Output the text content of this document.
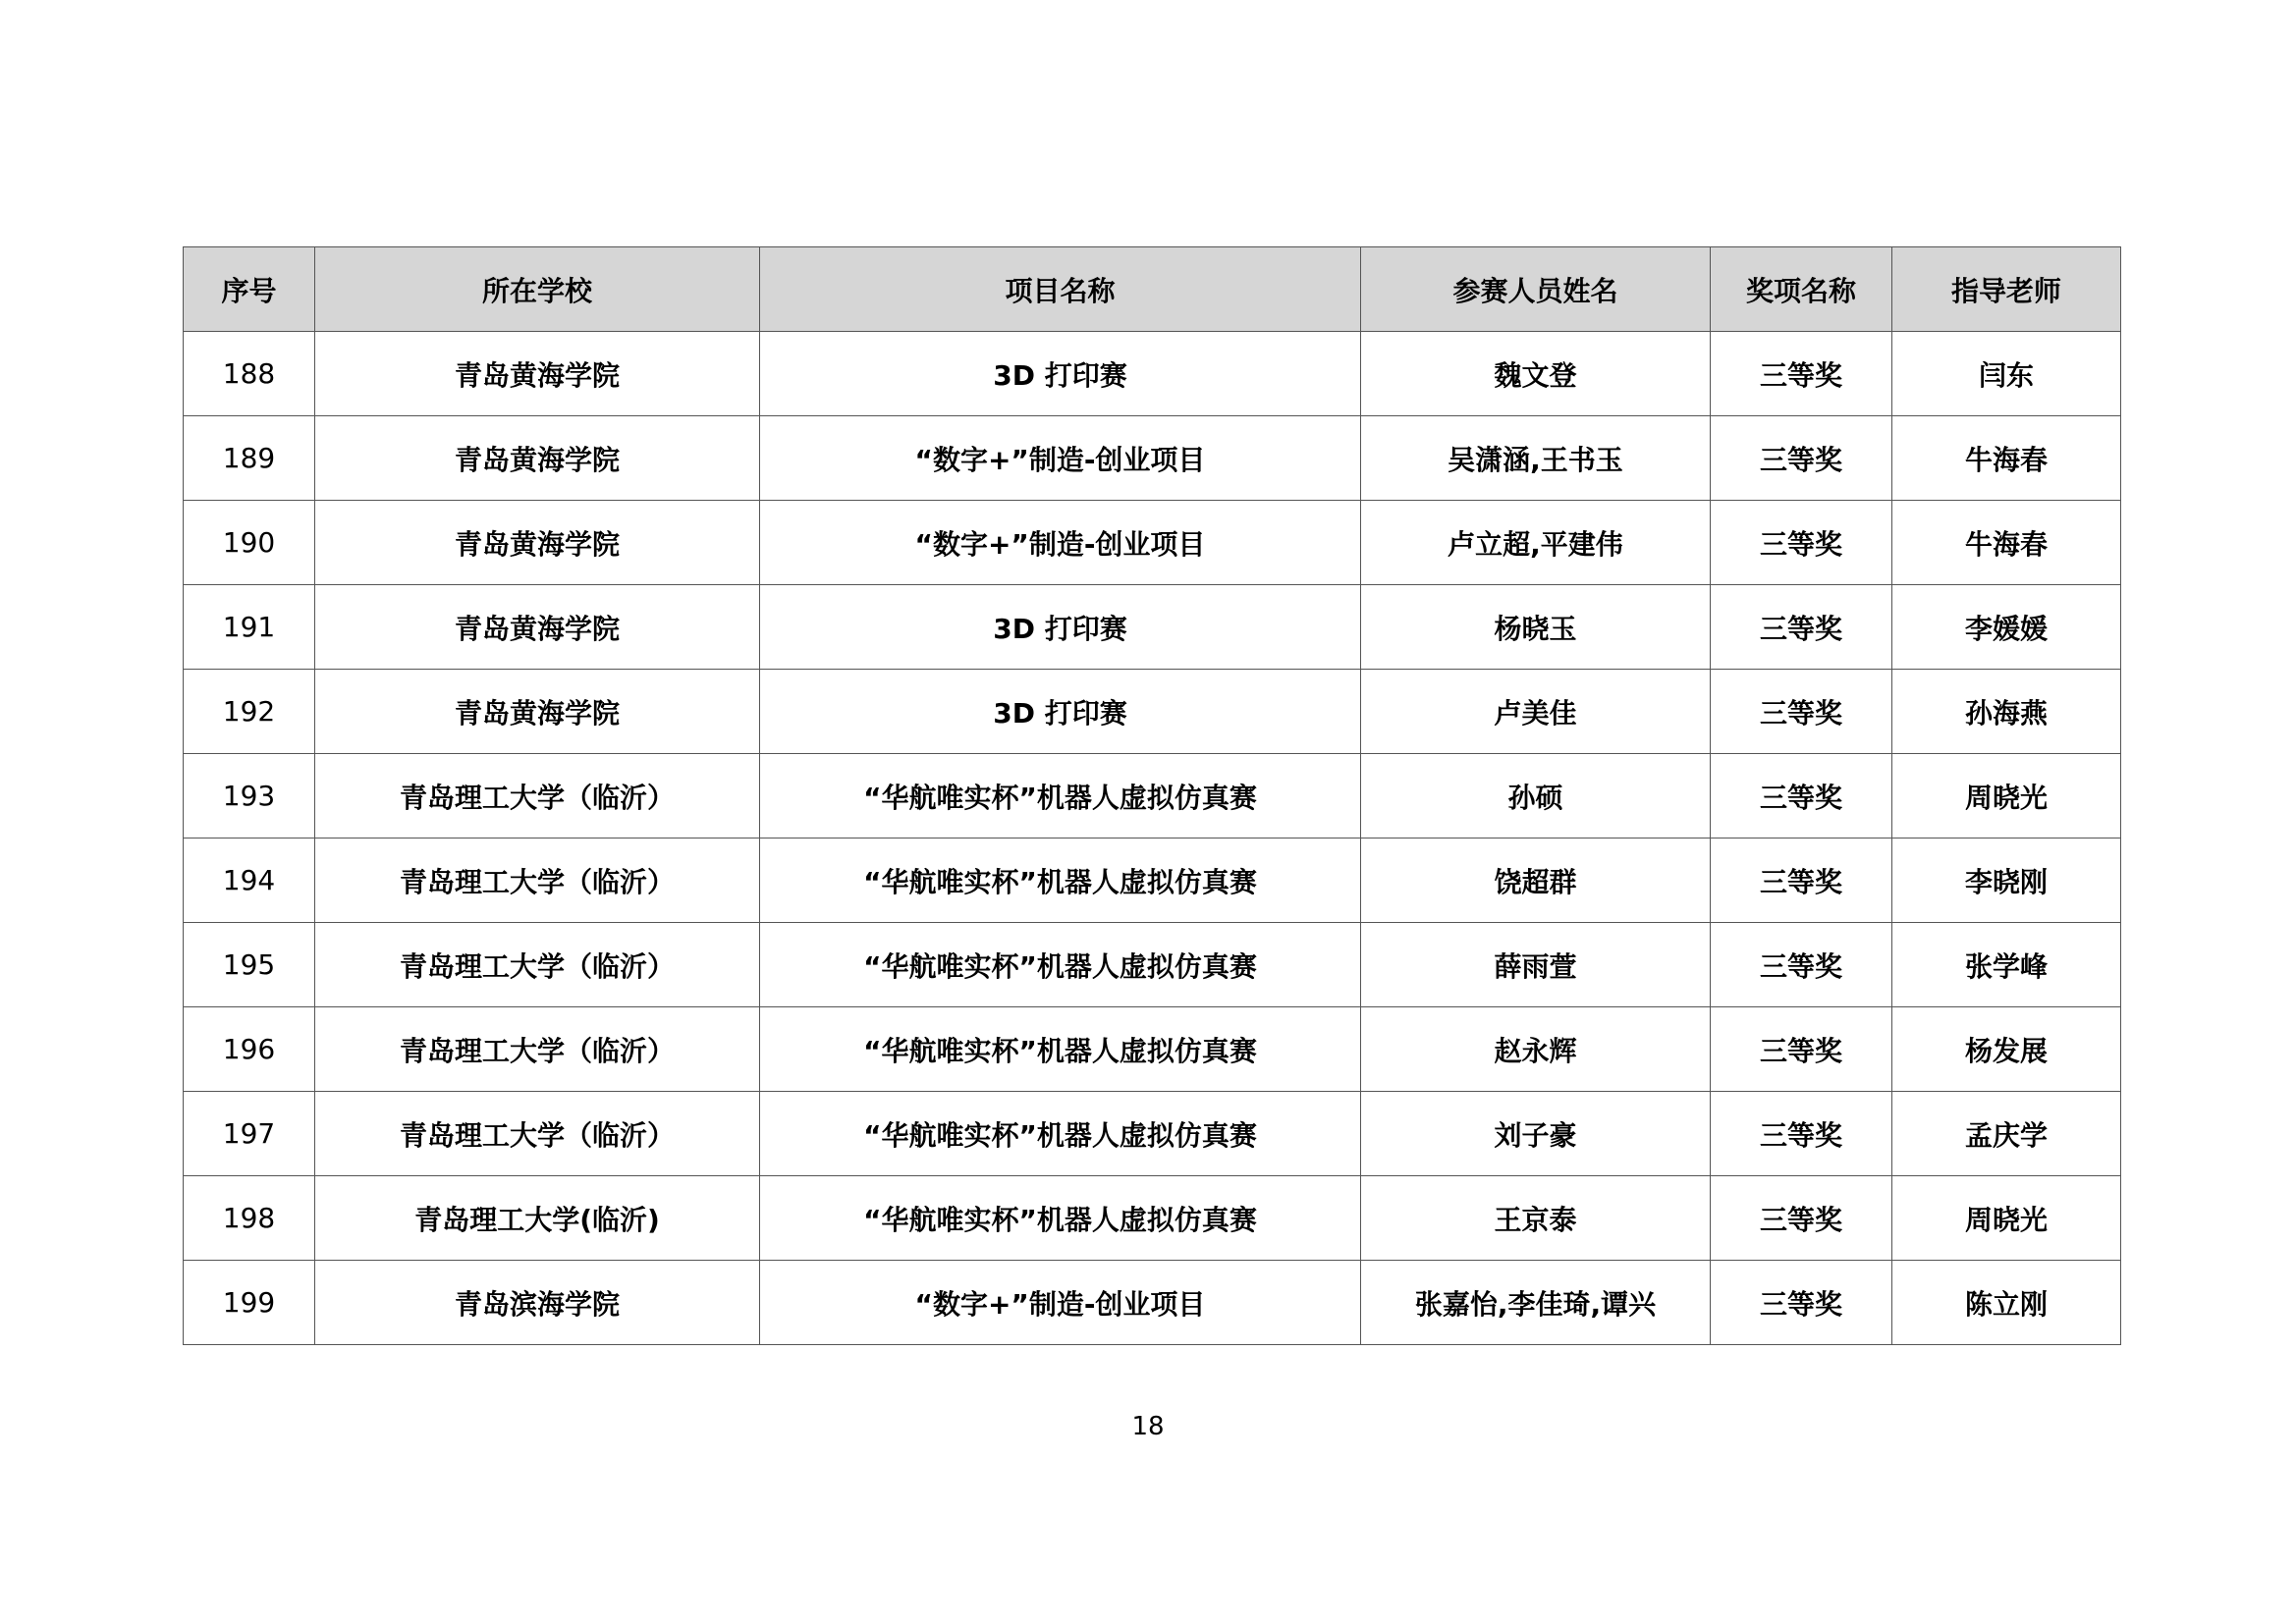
序号	所在学校	项目名称	参赛人员姓名	奖项名称	指导老师
188	青岛黄海学院	3D 打印赛	魏文登	三等奖	闫东
189	青岛黄海学院	“数字+”制造-创业项目	吴潇涵,王书玉	三等奖	牛海春
190	青岛黄海学院	“数字+”制造-创业项目	卢立超,平建伟	三等奖	牛海春
191	青岛黄海学院	3D 打印赛	杨晓玉	三等奖	李媛媛
192	青岛黄海学院	3D 打印赛	卢美佳	三等奖	孙海燕
193	青岛理工大学（临沂）	“华航唯实杯”机器人虚拟仿真赛	孙硕	三等奖	周晓光
194	青岛理工大学（临沂）	“华航唯实杯”机器人虚拟仿真赛	饶超群	三等奖	李晓刚
195	青岛理工大学（临沂）	“华航唯实杯”机器人虚拟仿真赛	薛雨萱	三等奖	张学峰
196	青岛理工大学（临沂）	“华航唯实杯”机器人虚拟仿真赛	赵永辉	三等奖	杨发展
197	青岛理工大学（临沂）	“华航唯实杯”机器人虚拟仿真赛	刘子豪	三等奖	孟庆学
198	青岛理工大学(临沂)	“华航唯实杯”机器人虚拟仿真赛	王京泰	三等奖	周晓光
199	青岛滨海学院	“数字+”制造-创业项目	张嘉怡,李佳琦,谭兴	三等奖	陈立刚
18
